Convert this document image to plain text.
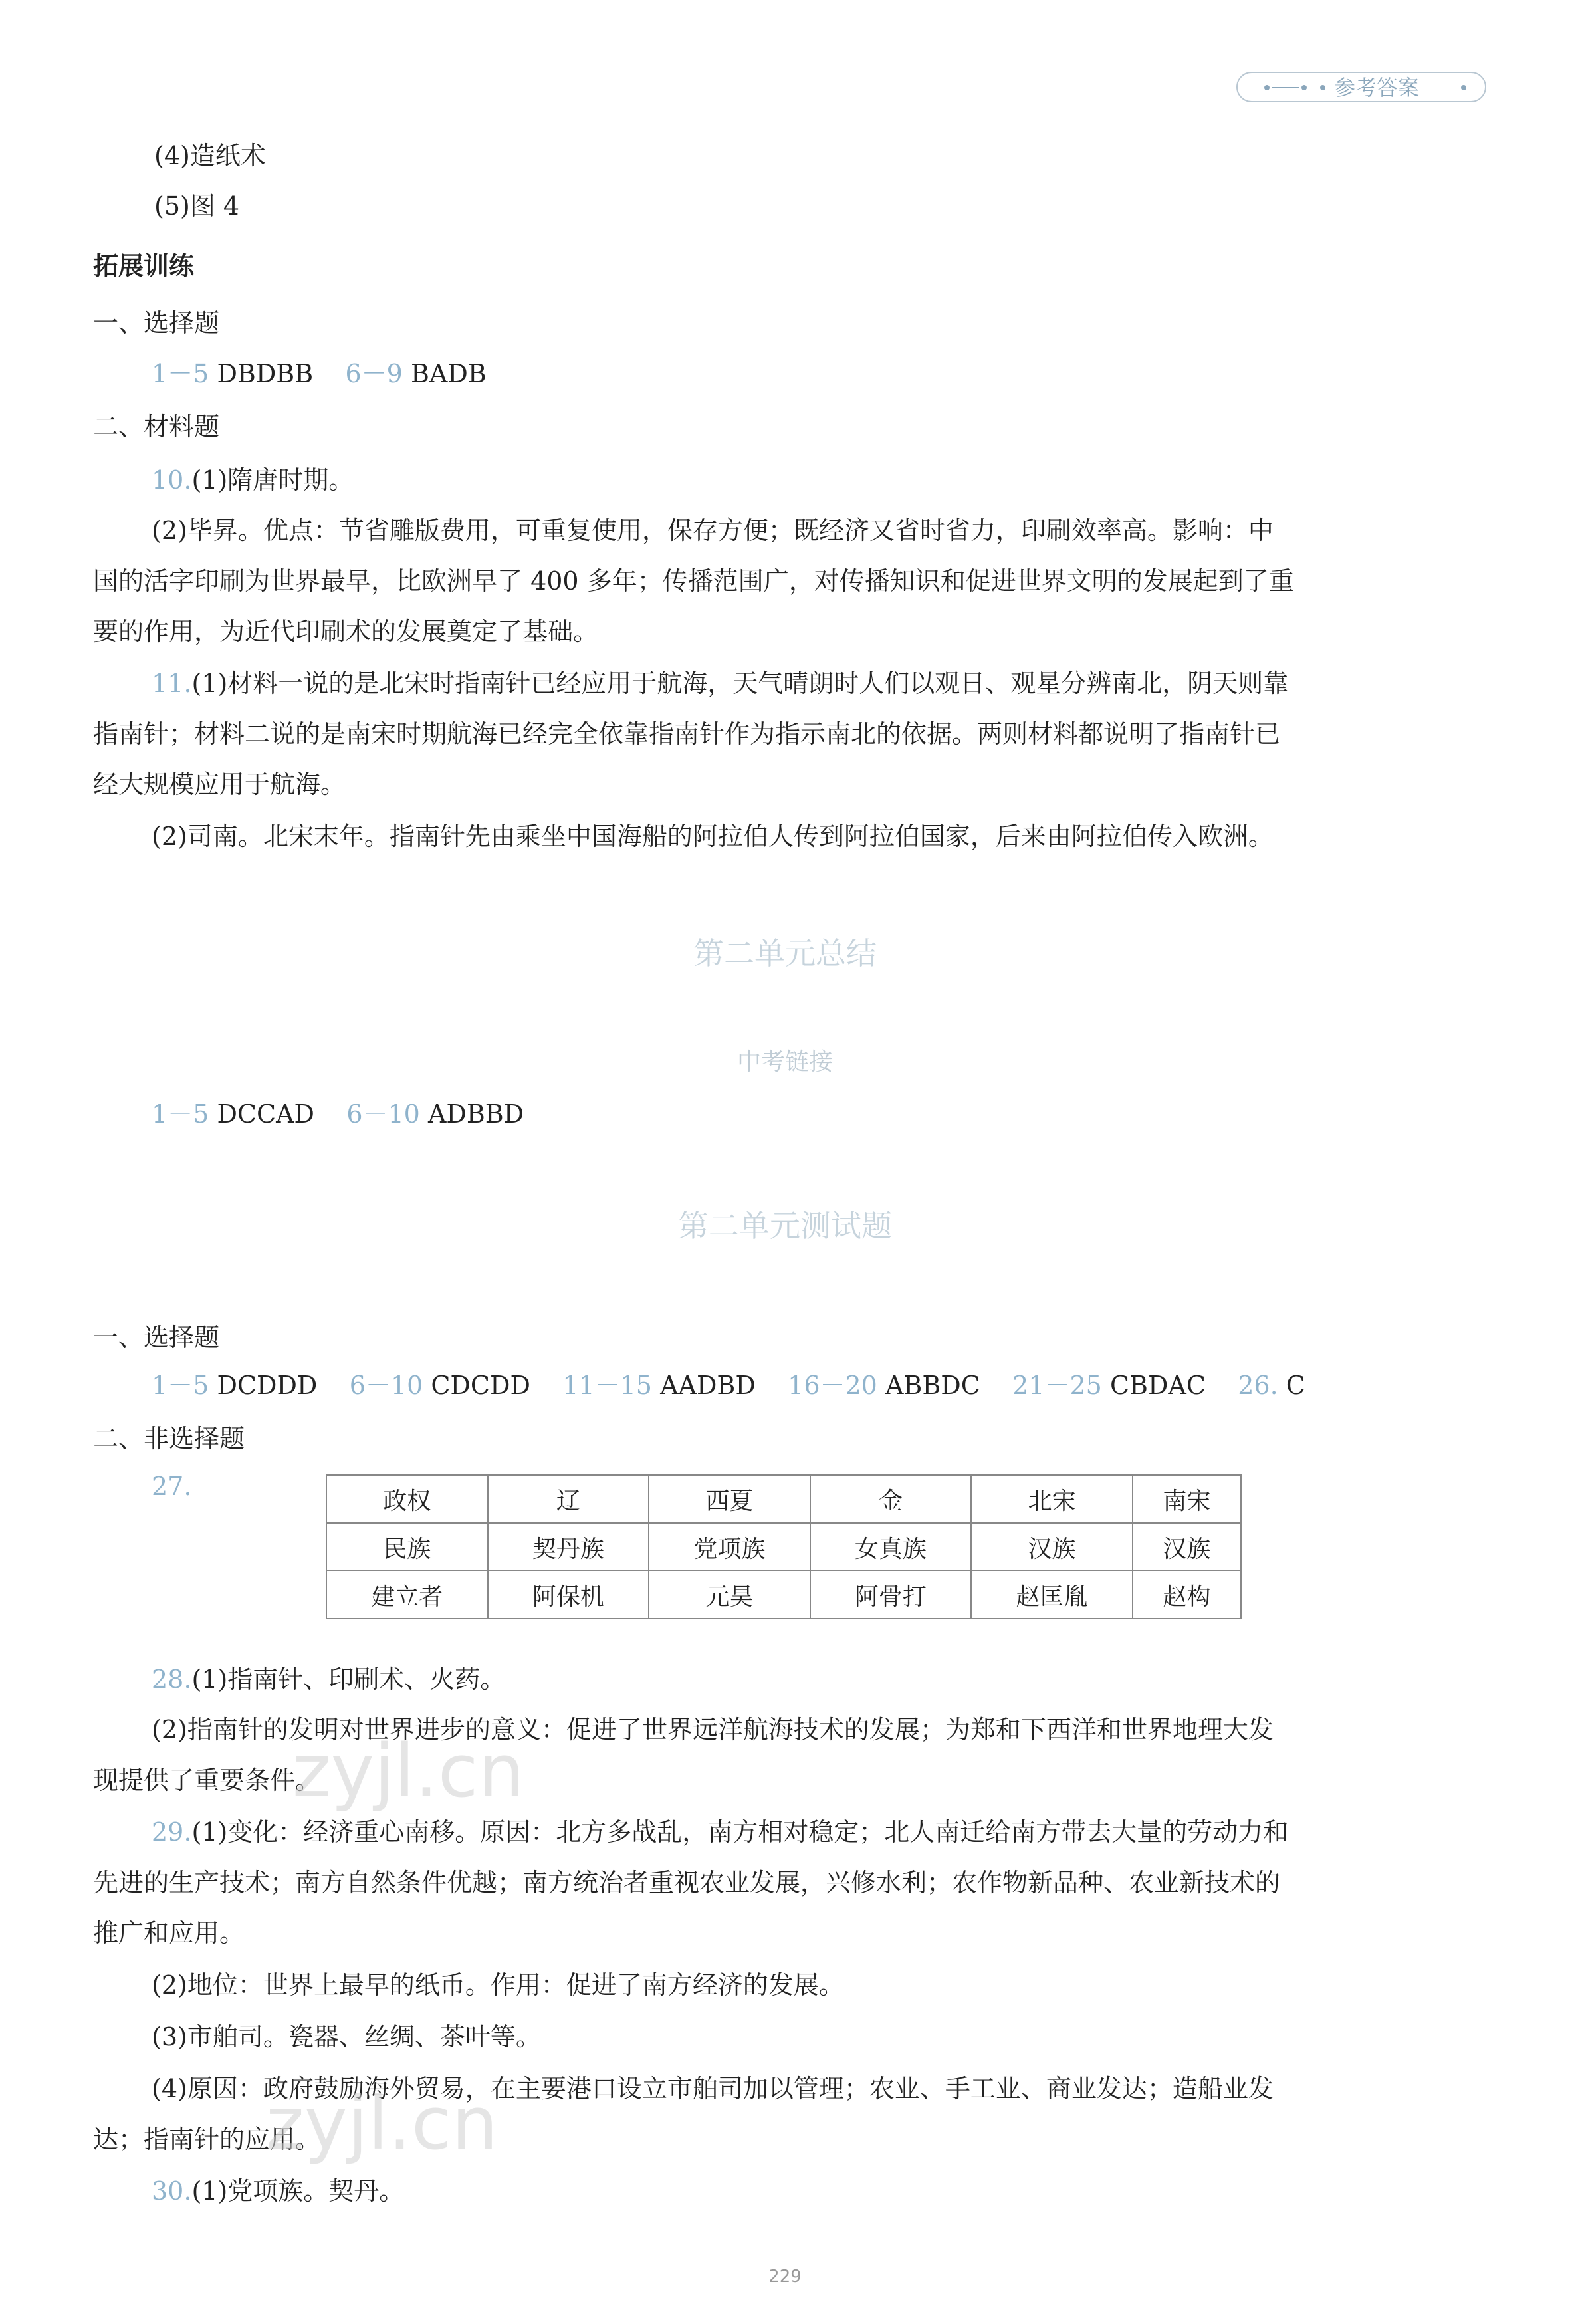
参考答案
(4)造纸术
(5)图 4
拓展训练
一、选择题
1－5 DBDBB 6－9 BADB
二、材料题
10.(1)隋唐时期。
(2)毕昇。优点：节省雕版费用，可重复使用，保存方便；既经济又省时省力，印刷效率高。影响：中
国的活字印刷为世界最早，比欧洲早了 400 多年；传播范围广，对传播知识和促进世界文明的发展起到了重
要的作用，为近代印刷术的发展奠定了基础。
11.(1)材料一说的是北宋时指南针已经应用于航海，天气晴朗时人们以观日、观星分辨南北，阴天则靠
指南针；材料二说的是南宋时期航海已经完全依靠指南针作为指示南北的依据。两则材料都说明了指南针已
经大规模应用于航海。
(2)司南。北宋末年。指南针先由乘坐中国海船的阿拉伯人传到阿拉伯国家，后来由阿拉伯传入欧洲。
第二单元总结
中考链接
1－5 DCCAD 6－10 ADBBD
第二单元测试题
一、选择题
1－5 DCDDD 6－10 CDCDD 11－15 AADBD 16－20 ABBDC 21－25 CBDAC 26. C
二、非选择题
27.	政权	辽	西夏	金	北宋	南宋
民族	契丹族	党项族	女真族	汉族	汉族
建立者	阿保机	元昊	阿骨打	赵匡胤	赵构
28.(1)指南针、印刷术、火药。
(2)指南针的发明对世界进步的意义：促进了世界远洋航海技术的发展；为郑和下西洋和世界地理大发
现提供了重要条件。
29.(1)变化：经济重心南移。原因：北方多战乱，南方相对稳定；北人南迁给南方带去大量的劳动力和
先进的生产技术；南方自然条件优越；南方统治者重视农业发展，兴修水利；农作物新品种、农业新技术的
推广和应用。
(2)地位：世界上最早的纸币。作用：促进了南方经济的发展。
(3)市舶司。瓷器、丝绸、茶叶等。
(4)原因：政府鼓励海外贸易，在主要港口设立市舶司加以管理；农业、手工业、商业发达；造船业发
达；指南针的应用。
30.(1)党项族。契丹。
zyjl.cn
zyjl.cn
229
